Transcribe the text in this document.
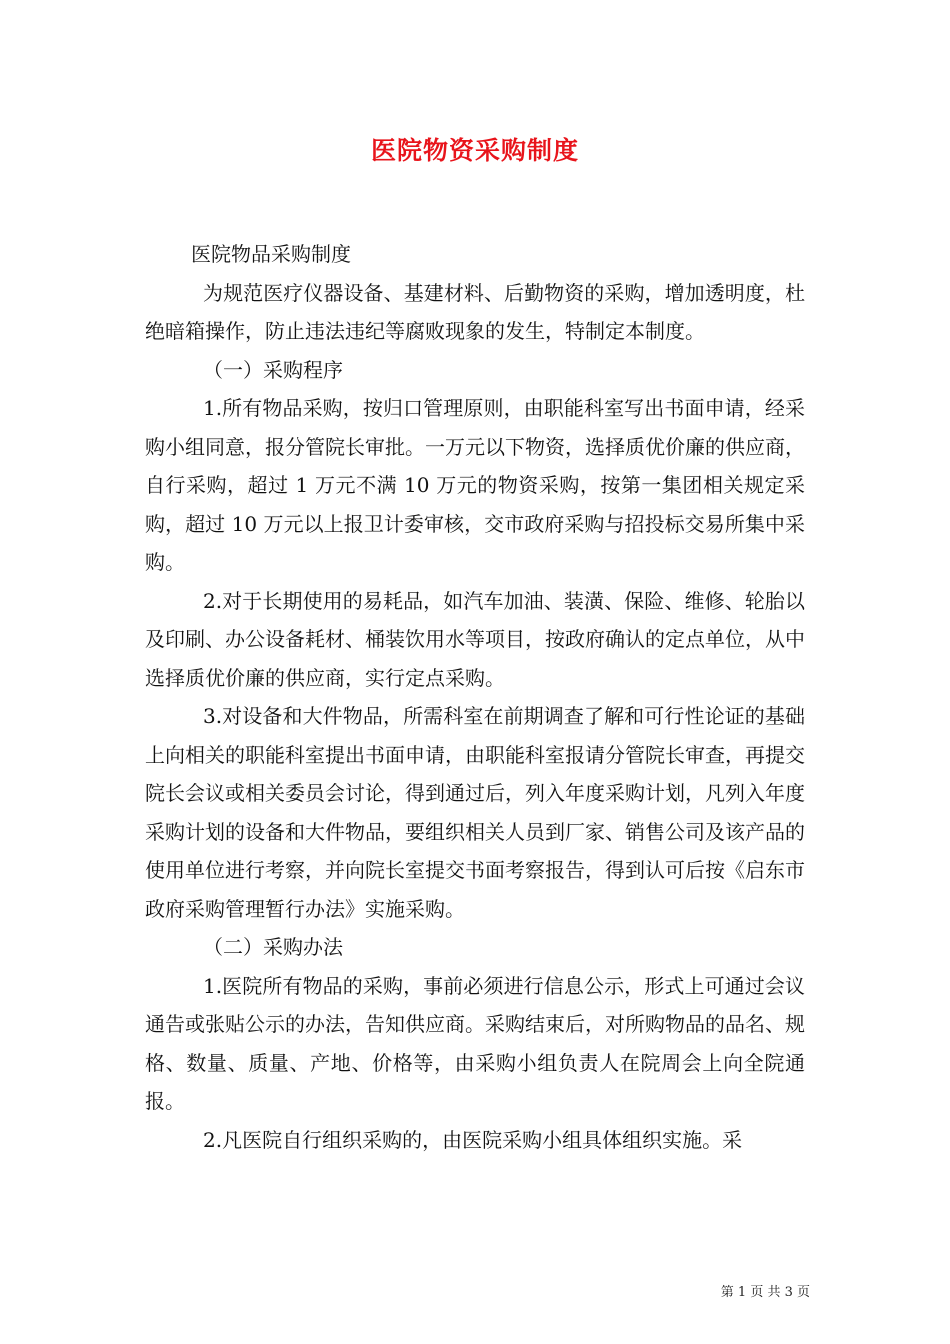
医院物资采购制度

医院物品采购制度

为规范医疗仪器设备、基建材料、后勤物资的采购，增加透明度，杜绝暗箱操作，防止违法违纪等腐败现象的发生，特制定本制度。

（一）采购程序

1.所有物品采购，按归口管理原则，由职能科室写出书面申请，经采购小组同意，报分管院长审批。一万元以下物资，选择质优价廉的供应商，自行采购，超过 1 万元不满 10 万元的物资采购，按第一集团相关规定采购，超过 10 万元以上报卫计委审核，交市政府采购与招投标交易所集中采购。

2.对于长期使用的易耗品，如汽车加油、装潢、保险、维修、轮胎以及印刷、办公设备耗材、桶装饮用水等项目，按政府确认的定点单位，从中选择质优价廉的供应商，实行定点采购。

3.对设备和大件物品，所需科室在前期调查了解和可行性论证的基础上向相关的职能科室提出书面申请，由职能科室报请分管院长审查，再提交院长会议或相关委员会讨论，得到通过后，列入年度采购计划，凡列入年度采购计划的设备和大件物品，要组织相关人员到厂家、销售公司及该产品的使用单位进行考察，并向院长室提交书面考察报告，得到认可后按《启东市政府采购管理暂行办法》实施采购。

（二）采购办法

1.医院所有物品的采购，事前必须进行信息公示，形式上可通过会议通告或张贴公示的办法，告知供应商。采购结束后，对所购物品的品名、规格、数量、质量、产地、价格等，由采购小组负责人在院周会上向全院通报。

2.凡医院自行组织采购的，由医院采购小组具体组织实施。采

第 1 页 共 3 页
